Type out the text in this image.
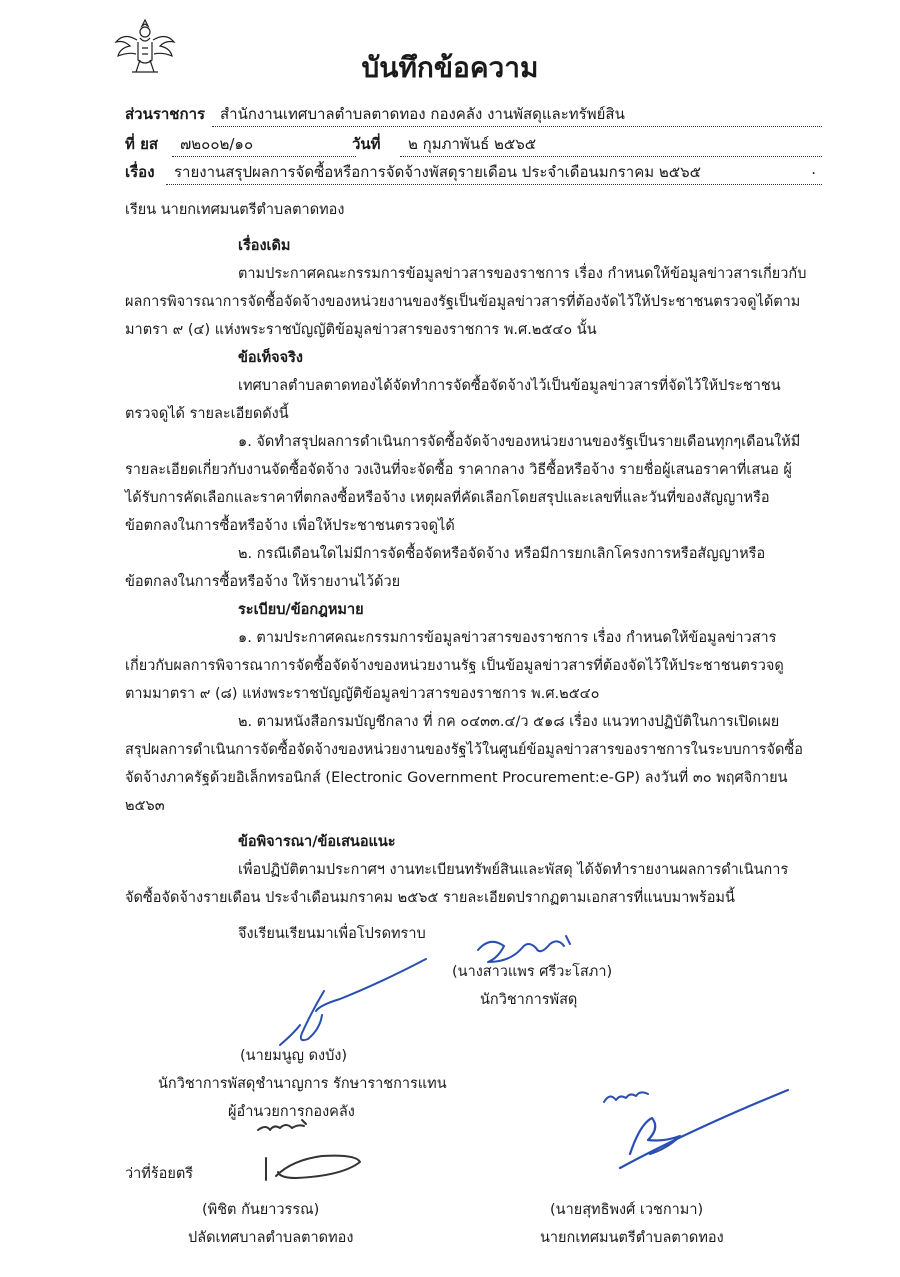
บันทึกข้อความ
ส่วนราชการ สำนักงานเทศบาลตำบลตาดทอง กองคลัง งานพัสดุและทรัพย์สิน
ที่ ยส	๗๒๐๐๒/๑๐	วันที่	๒ กุมภาพันธ์ ๒๕๖๕
เรื่อง	รายงานสรุปผลการจัดซื้อหรือการจัดจ้างพัสดุรายเดือน ประจำเดือนมกราคม ๒๕๖๕	.
เรียน นายกเทศมนตรีตำบลตาดทอง
เรื่องเดิม
ตามประกาศคณะกรรมการข้อมูลข่าวสารของราชการ เรื่อง กำหนดให้ข้อมูลข่าวสารเกี่ยวกับ
ผลการพิจารณาการจัดซื้อจัดจ้างของหน่วยงานของรัฐเป็นข้อมูลข่าวสารที่ต้องจัดไว้ให้ประชาชนตรวจดูได้ตาม
มาตรา ๙ (๔) แห่งพระราชบัญญัติข้อมูลข่าวสารของราชการ พ.ศ.๒๕๔๐ นั้น
ข้อเท็จจริง
เทศบาลตำบลตาดทองได้จัดทำการจัดซื้อจัดจ้างไว้เป็นข้อมูลข่าวสารที่จัดไว้ให้ประชาชน
ตรวจดูได้ รายละเอียดดังนี้
๑. จัดทำสรุปผลการดำเนินการจัดซื้อจัดจ้างของหน่วยงานของรัฐเป็นรายเดือนทุกๆเดือนให้มี
รายละเอียดเกี่ยวกับงานจัดซื้อจัดจ้าง วงเงินที่จะจัดซื้อ ราคากลาง วิธีซื้อหรือจ้าง รายชื่อผู้เสนอราคาที่เสนอ ผู้
ได้รับการคัดเลือกและราคาที่ตกลงซื้อหรือจ้าง เหตุผลที่คัดเลือกโดยสรุปและเลขที่และวันที่ของสัญญาหรือ
ข้อตกลงในการซื้อหรือจ้าง เพื่อให้ประชาชนตรวจดูได้
๒. กรณีเดือนใดไม่มีการจัดซื้อจัดหรือจัดจ้าง หรือมีการยกเลิกโครงการหรือสัญญาหรือ
ข้อตกลงในการซื้อหรือจ้าง ให้รายงานไว้ด้วย
ระเบียบ/ข้อกฎหมาย
๑. ตามประกาศคณะกรรมการข้อมูลข่าวสารของราชการ เรื่อง กำหนดให้ข้อมูลข่าวสาร
เกี่ยวกับผลการพิจารณาการจัดซื้อจัดจ้างของหน่วยงานรัฐ เป็นข้อมูลข่าวสารที่ต้องจัดไว้ให้ประชาชนตรวจดู
ตามมาตรา ๙ (๘) แห่งพระราชบัญญัติข้อมูลข่าวสารของราชการ พ.ศ.๒๕๔๐
๒. ตามหนังสือกรมบัญชีกลาง ที่ กค ๐๔๓๓.๔/ว ๕๑๘ เรื่อง แนวทางปฏิบัติในการเปิดเผย
สรุปผลการดำเนินการจัดซื้อจัดจ้างของหน่วยงานของรัฐไว้ในศูนย์ข้อมูลข่าวสารของราชการในระบบการจัดซื้อ
จัดจ้างภาครัฐด้วยอิเล็กทรอนิกส์ (Electronic Government Procurement:e-GP) ลงวันที่ ๓๐ พฤศจิกายน
๒๕๖๓
ข้อพิจารณา/ข้อเสนอแนะ
เพื่อปฏิบัติตามประกาศฯ งานทะเบียนทรัพย์สินและพัสดุ ได้จัดทำรายงานผลการดำเนินการ
จัดซื้อจัดจ้างรายเดือน ประจำเดือนมกราคม ๒๕๖๕ รายละเอียดปรากฏตามเอกสารที่แนบมาพร้อมนี้
จึงเรียนเรียนมาเพื่อโปรดทราบ
(นางสาวแพร ศรีวะโสภา)
นักวิชาการพัสดุ
(นายมนูญ ดงบัง)
นักวิชาการพัสดุชำนาญการ รักษาราชการแทน
ผู้อำนวยการกองคลัง
ว่าที่ร้อยตรี
(พิชิต กันยาวรรณ)
ปลัดเทศบาลตำบลตาดทอง
(นายสุทธิพงศ์ เวชกามา)
นายกเทศมนตรีตำบลตาดทอง
